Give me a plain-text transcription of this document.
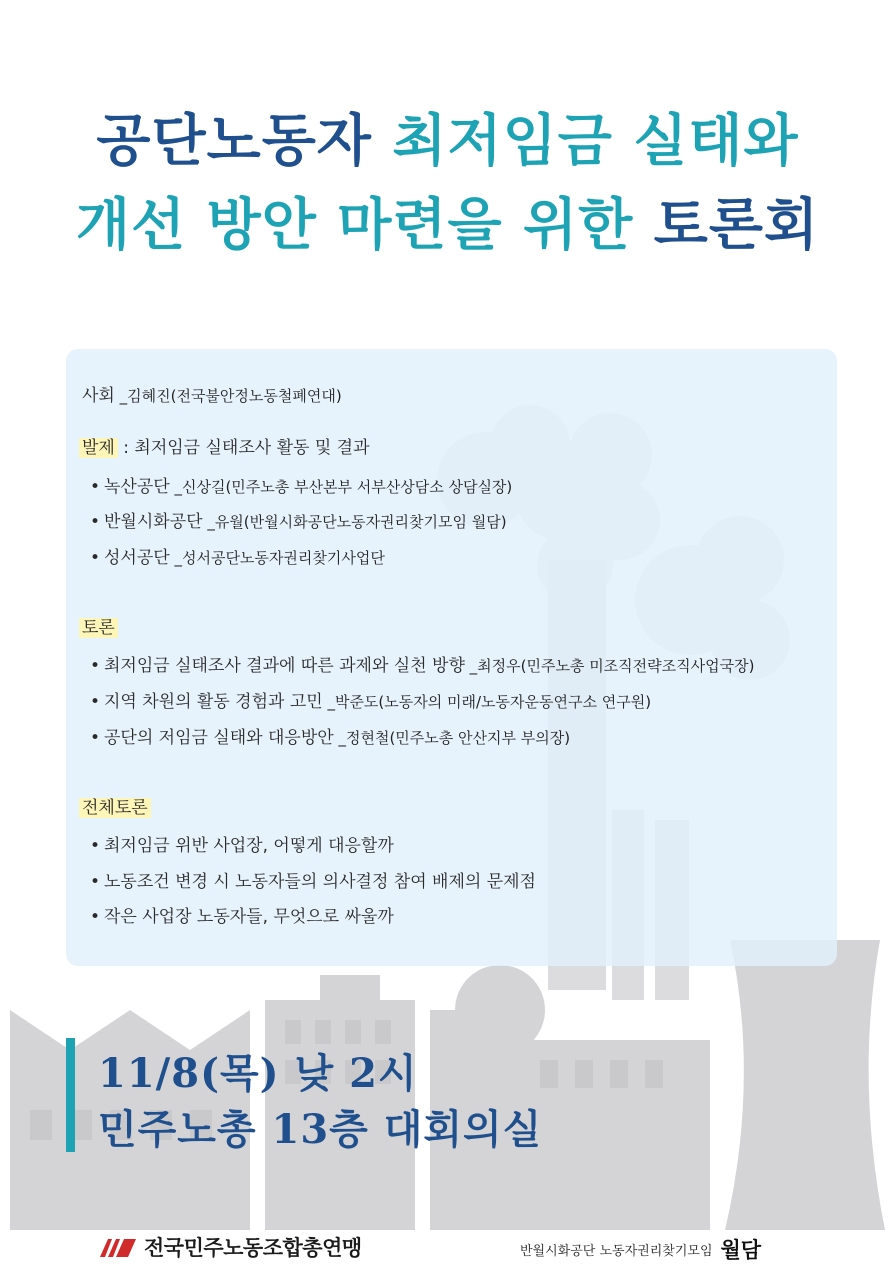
공단노동자 최저임금 실태와
개선 방안 마련을 위한 토론회
사회 _김혜진(전국불안정노동철폐연대)
발제 : 최저임금 실태조사 활동 및 결과
• 녹산공단 _신상길(민주노총 부산본부 서부산상담소 상담실장)
• 반월시화공단 _유월(반월시화공단노동자권리찾기모임 월담)
• 성서공단 _성서공단노동자권리찾기사업단
토론
• 최저임금 실태조사 결과에 따른 과제와 실천 방향 _최정우(민주노총 미조직전략조직사업국장)
• 지역 차원의 활동 경험과 고민 _박준도(노동자의 미래/노동자운동연구소 연구원)
• 공단의 저임금 실태와 대응방안 _정현철(민주노총 안산지부 부의장)
전체토론
• 최저임금 위반 사업장, 어떻게 대응할까
• 노동조건 변경 시 노동자들의 의사결정 참여 배제의 문제점
• 작은 사업장 노동자들, 무엇으로 싸울까
11/8(목) 낮 2시
민주노총 13층 대회의실
전국민주노동조합총연맹	반월시화공단 노동자권리찾기모임 월담
